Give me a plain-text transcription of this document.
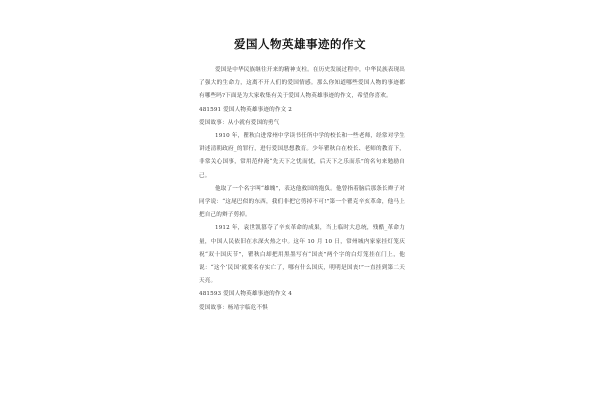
爱国人物英雄事迹的作文

爱国是中华民族继往开来的精神支柱。在历史发展过程中，中华民族表现出了强大的生命力，这离不开人们的爱国情感。那么你知道哪些爱国人物的事迹都有哪些吗?下面是为大家收集有关于爱国人物英雄事迹的作文，希望你喜欢。

481591 爱国人物英雄事迹的作文 2

爱国故事：从小就有爱国的勇气

1910 年，瞿秋白进常州中学读书任所中学的校长和一些老师，经常对学生讲述清朝政府_的罪行，进行爱国思想教育。少年瞿秋白在校长、老师的教育下，非常关心国事，常用范仲淹“先天下之忧而忧，后天下之乐而乐”的名句来勉励自己。

他取了一个名字叫“雄魄”，表达他救国的抱负。他曾指着脑后那条长辫子对同学说：“这尾巴似的东西，我们非把它剪掉不可!”第一个瞿克辛亥革命，他马上把自己的辫子剪掉。

1912 年，袁世凯篡夺了辛亥革命的成果，当上临时大总统，残酷_革命力量，中国人民依旧在水深火热之中。这年 10 月 10 日，常州城内家家挂灯笼庆祝“双十国庆节”，瞿秋白却把用黑墨写有“国丧”两个字的白灯笼挂在门上，他说：“这个‘民国’就要名存实亡了，哪有什么国庆，明明是国丧!”一直挂到第二天天亮。

481593 爱国人物英雄事迹的作文 4

爱国故事：杨靖宇临危不惧
